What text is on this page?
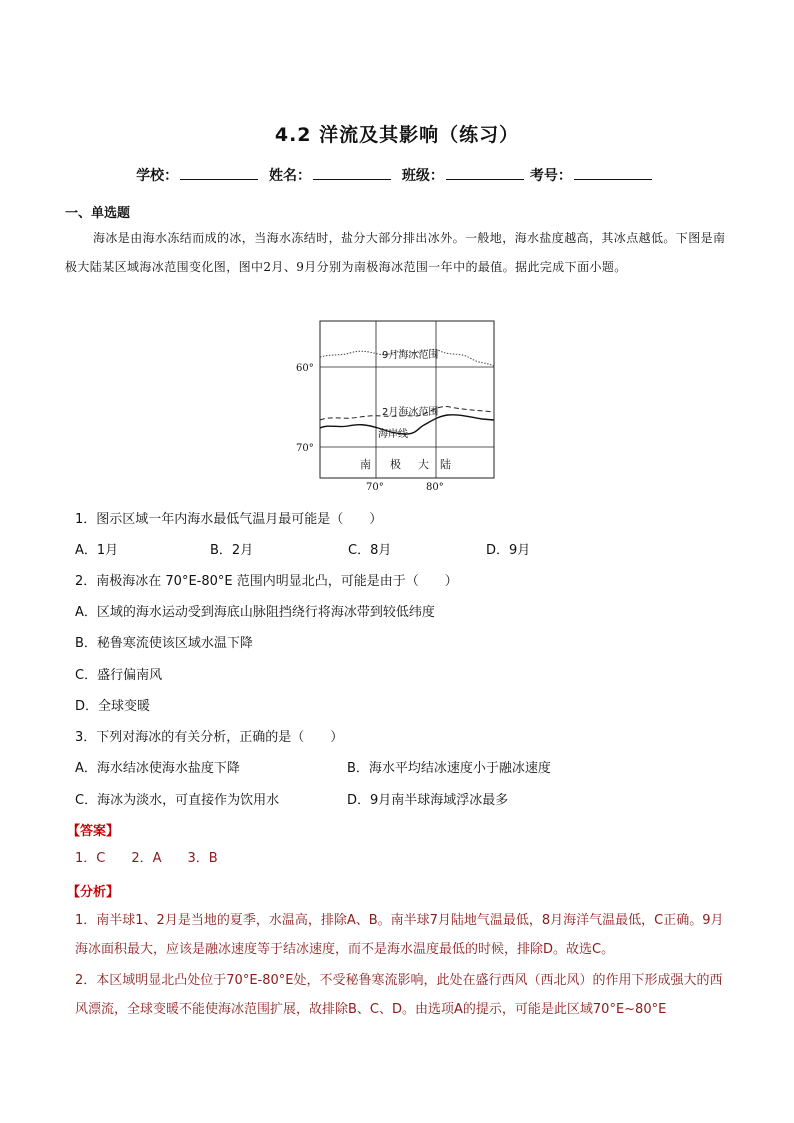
4.2 洋流及其影响（练习）
学校：	姓名：	班级：	考号：
一、单选题
海冰是由海水冻结而成的冰，当海水冻结时，盐分大部分排出冰外。一般地，海水盐度越高，其冰点越低。下图是南极大陆某区域海冰范围变化图，图中2月、9月分别为南极海冰范围一年中的最值。据此完成下面小题。
9月海冰范围
2月海冰范围
海岸线
南 极 大 陆
60°
70°
70°	80°
1．图示区域一年内海水最低气温月最可能是（　　）
A．1月	B．2月	C．8月	D．9月
2．南极海冰在 70°E-80°E 范围内明显北凸，可能是由于（　　）
A．区域的海水运动受到海底山脉阻挡绕行将海冰带到较低纬度
B．秘鲁寒流使该区域水温下降
C．盛行偏南风
D．全球变暖
3．下列对海冰的有关分析，正确的是（　　）
A．海水结冰使海水盐度下降	B．海水平均结冰速度小于融冰速度
C．海冰为淡水，可直接作为饮用水	D．9月南半球海域浮冰最多
【答案】
1．C　　2．A　　3．B
【分析】
1．南半球1、2月是当地的夏季，水温高，排除A、B。南半球7月陆地气温最低，8月海洋气温最低，C正确。9月海冰面积最大，应该是融冰速度等于结冰速度，而不是海水温度最低的时候，排除D。故选C。
2．本区域明显北凸处位于70°E-80°E处，不受秘鲁寒流影响，此处在盛行西风（西北风）的作用下形成强大的西风漂流，全球变暖不能使海冰范围扩展，故排除B、C、D。由选项A的提示，可能是此区域70°E~80°E
